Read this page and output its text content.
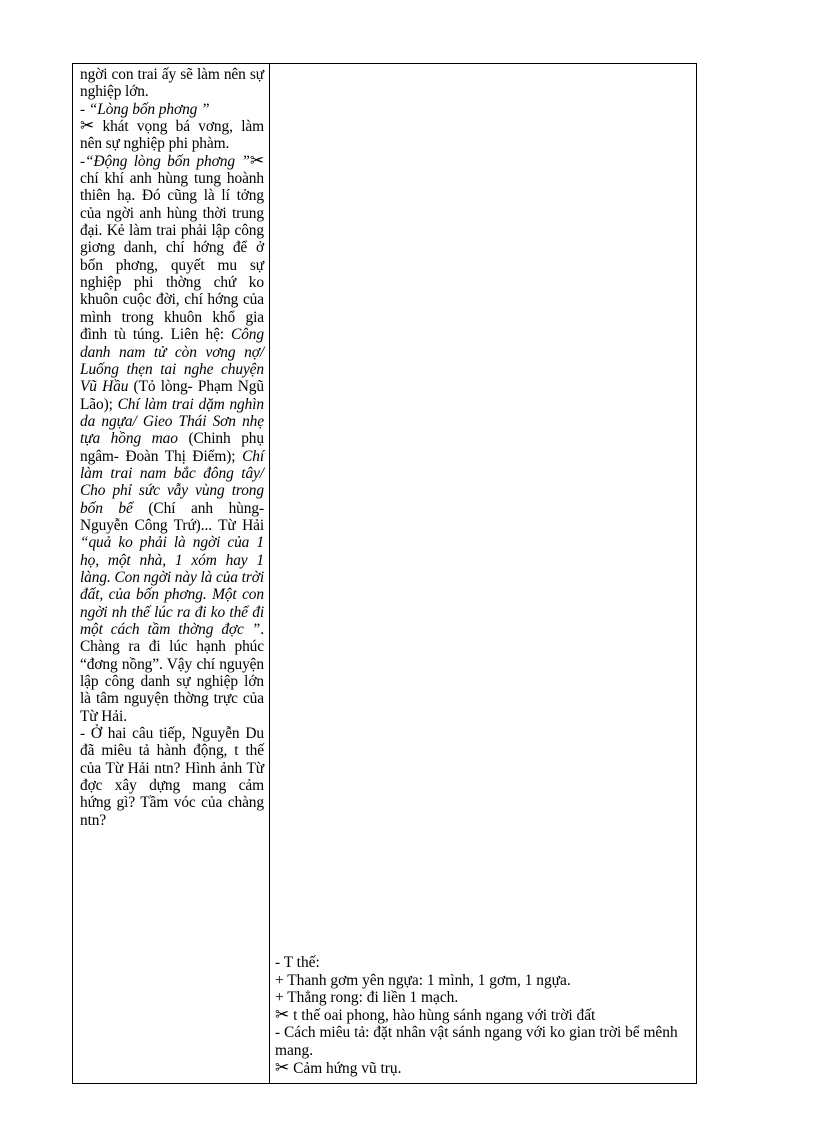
ngời con trai ấy sẽ làm nên sự nghiệp lớn.

- “Lòng bốn phơng ”
✂ khát vọng bá vơng, làm nên sự nghiệp phi phàm.

-“Động lòng bốn phơng ”✂ chí khí anh hùng tung hoành thiên hạ. Đó cũng là lí tởng của ngời anh hùng thời trung đại. Kẻ làm trai phải lập công giơng danh, chí hớng để ở bốn phơng, quyết mu sự nghiệp phi thờng chứ ko khuôn cuộc đời, chí hớng của mình trong khuôn khổ gia đình tù túng. Liên hệ: Công danh nam tử còn vơng nợ/ Luống thẹn tai nghe chuyện Vũ Hầu (Tỏ lòng- Phạm Ngũ Lão); Chí làm trai dặm nghìn da ngựa/ Gieo Thái Sơn nhẹ tựa hồng mao (Chinh phụ ngâm- Đoàn Thị Điểm); Chí làm trai nam bắc đông tây/ Cho phỉ sức vẫy vùng trong bốn bể (Chí anh hùng- Nguyễn Công Trứ)... Từ Hải “quả ko phải là ngời của 1 họ, một nhà, 1 xóm hay 1 làng. Con ngời này là của trời đất, của bốn phơng. Một con ngời nh thế lúc ra đi ko thể đi một cách tầm thờng đợc ”. Chàng ra đi lúc hạnh phúc “đơng nồng”. Vậy chí nguyện lập công danh sự nghiệp lớn là tâm nguyện thờng trực của Từ Hải.

- Ở hai câu tiếp, Nguyễn Du đã miêu tả hành động, t thế của Từ Hải ntn? Hình ảnh Từ đợc xây dựng mang cảm hứng gì? Tầm vóc của chàng ntn?

- T thế:

+ Thanh gơm yên ngựa: 1 mình, 1 gơm, 1 ngựa.

+ Thẳng rong: đi liền 1 mạch.

✂ t thế oai phong, hào hùng sánh ngang với trời đất

- Cách miêu tả: đặt nhân vật sánh ngang với ko gian trời bể mênh mang.

✂ Cảm hứng vũ trụ.
